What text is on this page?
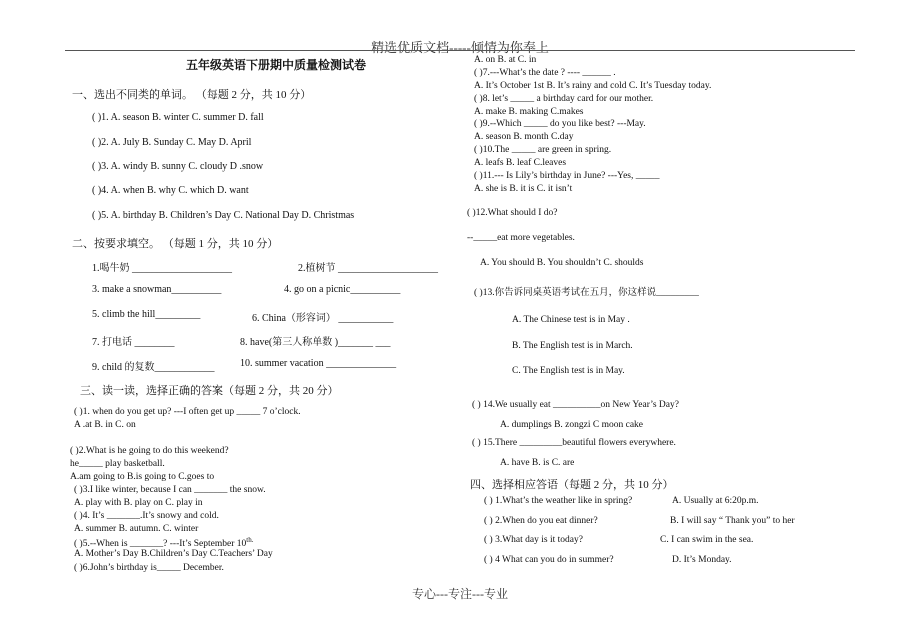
精选优质文档-----倾情为你奉上
五年级英语下册期中质量检测试卷
一、选出不同类的单词。 （每题 2 分，共 10 分）
( )1. A. season B. winter C. summer D. fall
( )2. A. July B. Sunday C. May D. April
( )3. A. windy B. sunny C. cloudy D .snow
( )4. A. when B. why C. which D. want
( )5. A. birthday B. Children’s Day C. National Day D. Christmas
二、按要求填空。 （每题 1 分，共 10 分）
1.喝牛奶 ____________________	2.植树节 ____________________
3. make a snowman__________	4. go on a picnic__________
5. climb the hill_________	6. China（形容词） ___________
7. 打电话 ________	8. have(第三人称单数 )_______ ___
9. child 的复数____________	10. summer vacation ______________
三、读一读，选择正确的答案（每题 2 分，共 20 分）
( )1. when do you get up? ---I often get up _____ 7 o’clock.
A .at B. in C. on
( )2.What is he going to do this weekend?
he_____ play basketball.
A.am going to B.is going to C.goes to
( )3.I like winter, because I can _______ the snow.
A. play with B. play on C. play in
( )4. It’s _______.It’s snowy and cold.
A. summer B. autumn. C. winter
( )5.--When is _______? ---It’s September $10^{th.}$
A. Mother’s Day B.Children’s Day C.Teachers’ Day
( )6.John’s birthday is_____ December.
A. on B. at C. in
( )7.---What’s the date ? ---- ______ .
A. It’s October 1st B. It’s rainy and cold C. It’s Tuesday today.
( )8. let’s _____ a birthday card for our mother.
A. make B. making C.makes
( )9.--Which _____ do you like best? ---May.
A. season B. month C.day
( )10.The _____ are green in spring.
A. leafs B. leaf C.leaves
( )11.--- Is Lily’s birthday in June? ---Yes, _____
A. she is B. it is C. it isn’t
( )12.What should I do?
--_____eat more vegetables.
A. You should B. You shouldn’t C. shoulds
( )13.你告诉同桌英语考试在五月，你这样说_________
A. The Chinese test is in May .
B. The English test is in March.
C. The English test is in May.
( ) 14.We usually eat __________on New Year’s Day?
A. dumplings B. zongzi C moon cake
( ) 15.There _________beautiful flowers everywhere.
A. have B. is C. are
四、选择相应答语（每题 2 分，共 10 分）
( ) 1.What’s the weather like in spring?	A. Usually at 6:20p.m.
( ) 2.When do you eat dinner?	B. I will say “ Thank you” to her
( ) 3.What day is it today?	C. I can swim in the sea.
( ) 4 What can you do in summer?	D. It’s Monday.
专心---专注---专业
